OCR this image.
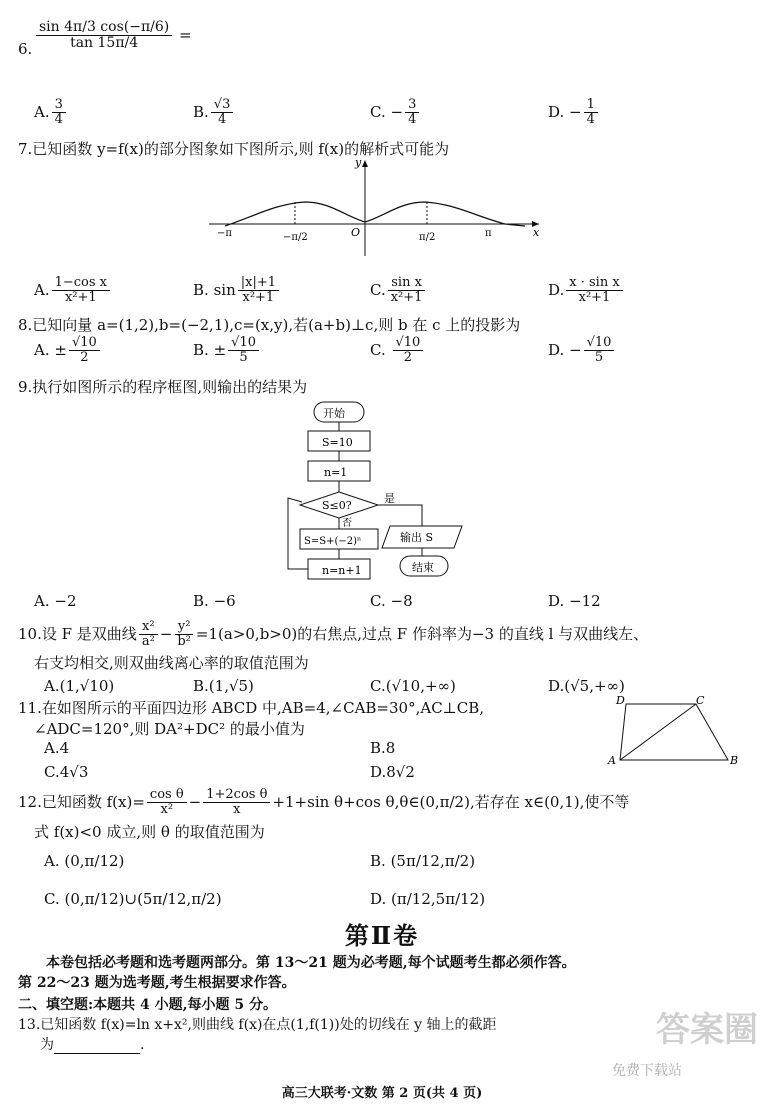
6. $\frac{\sin 4\pi/3 \cos(-\pi/6)}{\tan 15\pi/4}$ =
A. $\frac{3}{4}$	B. $\frac{√3}{4}$	C. − $\frac{3}{4}$	D. − $\frac{1}{4}$
7.已知函数 y=f(x)的部分图象如下图所示,则 f(x)的解析式可能为
y
x
O
−π	−π/2	π/2	π
A. $\frac{\text{1−cos x}}{\text{x²+1}}$	B. $\sin \frac{|x|+1}{\text{x²+1}}$	C. $\frac{\text{sin x}}{\text{x²+1}}$	D. $\frac{\text{x · sin x}}{\text{x²+1}}$
8.已知向量 a=(1,2),b=(−2,1),c=(x,y),若(a+b)⊥c,则 b 在 c 上的投影为
A. ± $\frac{√10}{2}$	B. ± $\frac{√10}{5}$	C. $\frac{√10}{2}$	D. − $\frac{√10}{5}$
9.执行如图所示的程序框图,则输出的结果为
开始
S=10
n=1
S≤0?
是
否
S=S+(−2)ⁿ
n=n+1
输出 S
结束
A. −2	B. −6	C. −8	D. −12
10.设 F 是双曲线 $\frac{\text{x²}}{\text{a²}} - \frac{\text{y²}}{\text{b²}} =1(a>0,b>0)$的右焦点,过点 F 作斜率为−3 的直线 l 与双曲线左、
右支均相交,则双曲线离心率的取值范围为
A.(1,√10)	B.(1,√5)	C.(√10,+∞)	D.(√5,+∞)
11.在如图所示的平面四边形 ABCD 中,AB=4,∠CAB=30°,AC⊥CB,
∠ADC=120°,则 DA²+DC² 的最小值为
A	B
C
D
A.4	B.8
C.4√3	D.8√2
12.已知函数 $f(x)= \frac{\text{cos θ}}{\text{x²}} - \frac{\text{1+2cos θ}}{x} +1+\sin$ θ+cos θ,θ∈(0,π/2),若存在 x∈(0,1),使不等
式 f(x)<0 成立,则 θ 的取值范围为
A. (0,π/12)	B. (5π/12,π/2)
C. (0,π/12)∪(5π/12,π/2)	D. (π/12,5π/12)
第Ⅱ卷
本卷包括必考题和选考题两部分。第 13～21 题为必考题,每个试题考生都必须作答。
第 22～23 题为选考题,考生根据要求作答。
二、填空题:本题共 4 小题,每小题 5 分。
13.已知函数 f(x)=ln x+x²,则曲线 f(x)在点(1,f(1))处的切线在 y 轴上的截距
为	.	答案圈
免费下载站
高三大联考·文数 第 2 页(共 4 页)
